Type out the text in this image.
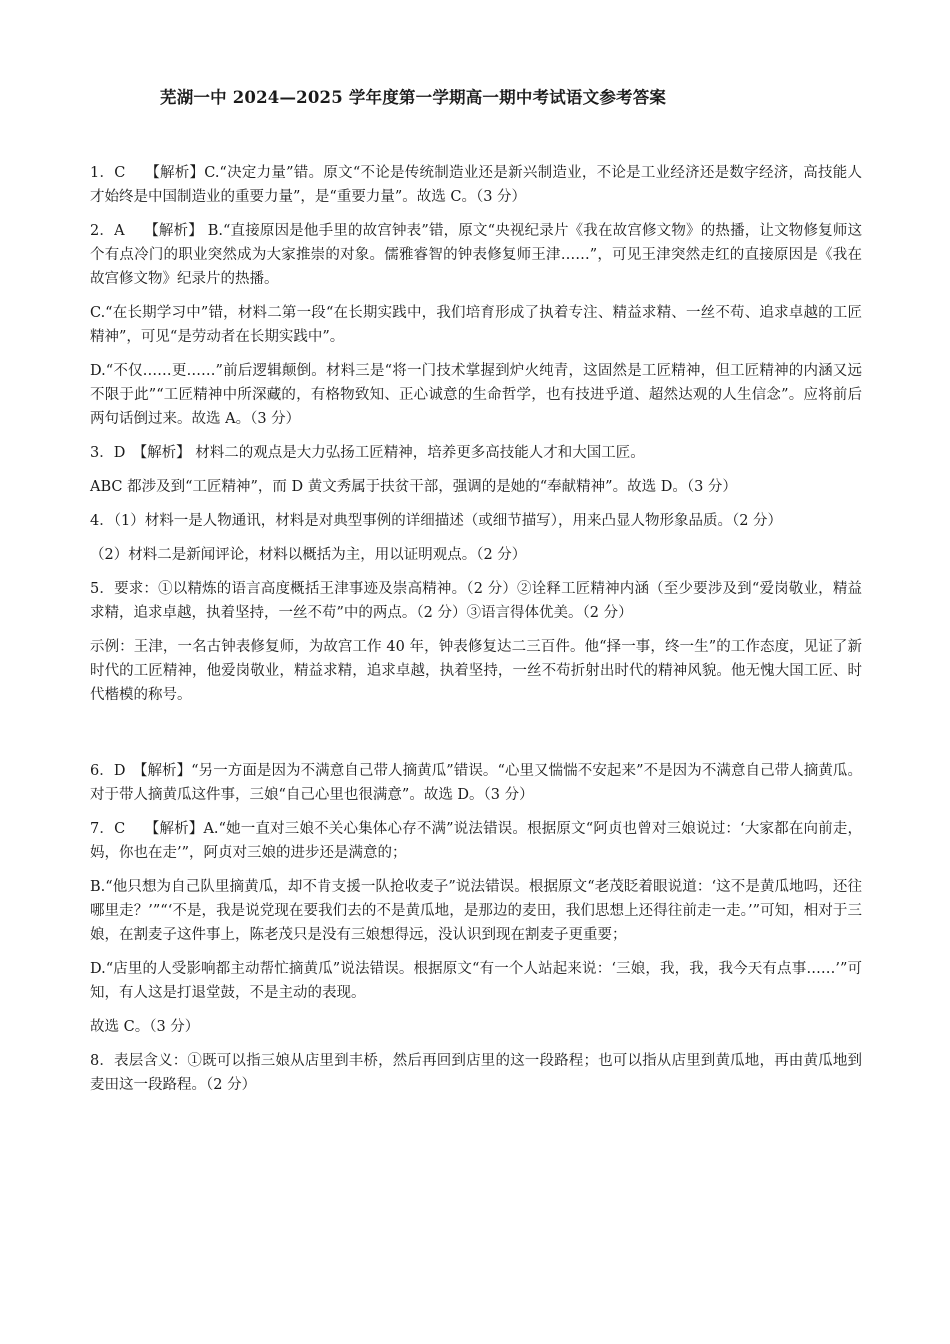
芜湖一中 2024—2025 学年度第一学期高一期中考试语文参考答案

1．C　 【解析】C.“决定力量”错。原文“不论是传统制造业还是新兴制造业，不论是工业经济还是数字经济，高技能人才始终是中国制造业的重要力量”，是“重要力量”。故选 C。（3 分）

2．A　 【解析】 B.“直接原因是他手里的故宫钟表”错，原文“央视纪录片《我在故宫修文物》的热播，让文物修复师这个有点冷门的职业突然成为大家推崇的对象。儒雅睿智的钟表修复师王津……”，可见王津突然走红的直接原因是《我在故宫修文物》纪录片的热播。

C.“在长期学习中”错，材料二第一段“在长期实践中，我们培育形成了执着专注、精益求精、一丝不苟、追求卓越的工匠精神”，可见“是劳动者在长期实践中”。

D.“不仅……更……”前后逻辑颠倒。材料三是“将一门技术掌握到炉火纯青，这固然是工匠精神，但工匠精神的内涵又远不限于此”“工匠精神中所深藏的，有格物致知、正心诚意的生命哲学，也有技进乎道、超然达观的人生信念”。应将前后两句话倒过来。故选 A。（3 分）

3．D　【解析】 材料二的观点是大力弘扬工匠精神，培养更多高技能人才和大国工匠。

ABC 都涉及到“工匠精神”，而 D 黄文秀属于扶贫干部，强调的是她的“奉献精神”。故选 D。（3 分）

4．（1）材料一是人物通讯，材料是对典型事例的详细描述（或细节描写），用来凸显人物形象品质。（2 分）

（2）材料二是新闻评论，材料以概括为主，用以证明观点。（2 分）

5．要求：①以精炼的语言高度概括王津事迹及崇高精神。（2 分）②诠释工匠精神内涵（至少要涉及到“爱岗敬业，精益求精，追求卓越，执着坚持，一丝不苟”中的两点。（2 分）③语言得体优美。（2 分）

示例：王津，一名古钟表修复师，为故宫工作 40 年，钟表修复达二三百件。他“择一事，终一生”的工作态度，见证了新时代的工匠精神，他爱岗敬业，精益求精，追求卓越，执着坚持，一丝不苟折射出时代的精神风貌。他无愧大国工匠、时代楷模的称号。

6．D　【解析】“另一方面是因为不满意自己带人摘黄瓜”错误。“心里又惴惴不安起来”不是因为不满意自己带人摘黄瓜。对于带人摘黄瓜这件事，三娘“自己心里也很满意”。故选 D。（3 分）

7．C　 【解析】A.“她一直对三娘不关心集体心存不满”说法错误。根据原文“阿贞也曾对三娘说过：‘大家都在向前走，妈，你也在走’”，阿贞对三娘的进步还是满意的；

B.“他只想为自己队里摘黄瓜，却不肯支援一队抢收麦子”说法错误。根据原文“老茂眨着眼说道：‘这不是黄瓜地吗，还往哪里走？’”“‘不是，我是说党现在要我们去的不是黄瓜地，是那边的麦田，我们思想上还得往前走一走。’”可知，相对于三娘，在割麦子这件事上，陈老茂只是没有三娘想得远，没认识到现在割麦子更重要；

D.“店里的人受影响都主动帮忙摘黄瓜”说法错误。根据原文“有一个人站起来说：‘三娘，我，我，我今天有点事……’”可知，有人这是打退堂鼓，不是主动的表现。

故选 C。（3 分）

8．表层含义：①既可以指三娘从店里到丰桥，然后再回到店里的这一段路程；也可以指从店里到黄瓜地，再由黄瓜地到麦田这一段路程。（2 分）
